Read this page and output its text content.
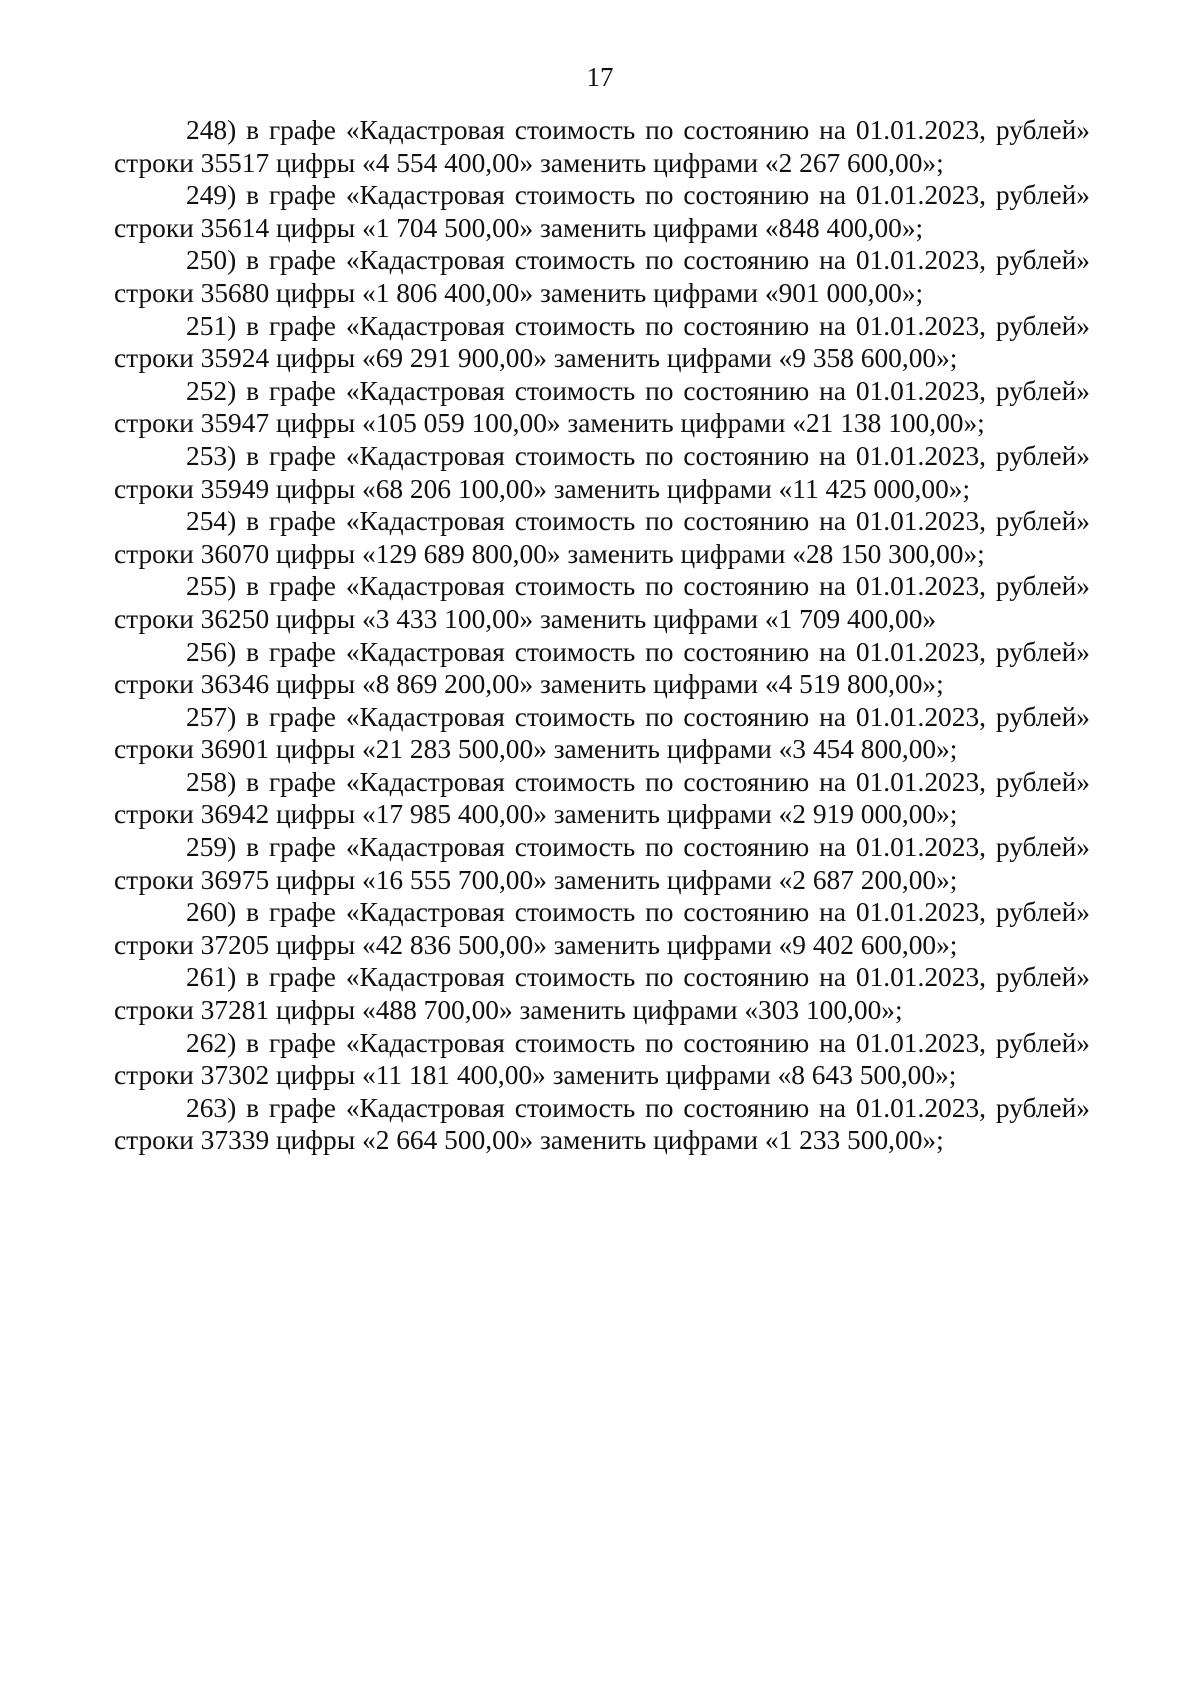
17

248) в графе «Кадастровая стоимость по состоянию на 01.01.2023, рублей» строки 35517 цифры «4 554 400,00» заменить цифрами «2 267 600,00»;

249) в графе «Кадастровая стоимость по состоянию на 01.01.2023, рублей» строки 35614 цифры «1 704 500,00» заменить цифрами «848 400,00»;

250) в графе «Кадастровая стоимость по состоянию на 01.01.2023, рублей» строки 35680 цифры «1 806 400,00» заменить цифрами «901 000,00»;

251) в графе «Кадастровая стоимость по состоянию на 01.01.2023, рублей» строки 35924 цифры «69 291 900,00» заменить цифрами «9 358 600,00»;

252) в графе «Кадастровая стоимость по состоянию на 01.01.2023, рублей» строки 35947 цифры «105 059 100,00» заменить цифрами «21 138 100,00»;

253) в графе «Кадастровая стоимость по состоянию на 01.01.2023, рублей» строки 35949 цифры «68 206 100,00» заменить цифрами «11 425 000,00»;

254) в графе «Кадастровая стоимость по состоянию на 01.01.2023, рублей» строки 36070 цифры «129 689 800,00» заменить цифрами «28 150 300,00»;

255) в графе «Кадастровая стоимость по состоянию на 01.01.2023, рублей» строки 36250 цифры «3 433 100,00» заменить цифрами «1 709 400,00»

256) в графе «Кадастровая стоимость по состоянию на 01.01.2023, рублей» строки 36346 цифры «8 869 200,00» заменить цифрами «4 519 800,00»;

257) в графе «Кадастровая стоимость по состоянию на 01.01.2023, рублей» строки 36901 цифры «21 283 500,00» заменить цифрами «3 454 800,00»;

258) в графе «Кадастровая стоимость по состоянию на 01.01.2023, рублей» строки 36942 цифры «17 985 400,00» заменить цифрами «2 919 000,00»;

259) в графе «Кадастровая стоимость по состоянию на 01.01.2023, рублей» строки 36975 цифры «16 555 700,00» заменить цифрами «2 687 200,00»;

260) в графе «Кадастровая стоимость по состоянию на 01.01.2023, рублей» строки 37205 цифры «42 836 500,00» заменить цифрами «9 402 600,00»;

261) в графе «Кадастровая стоимость по состоянию на 01.01.2023, рублей» строки 37281 цифры «488 700,00» заменить цифрами «303 100,00»;

262) в графе «Кадастровая стоимость по состоянию на 01.01.2023, рублей» строки 37302 цифры «11 181 400,00» заменить цифрами «8 643 500,00»;

263) в графе «Кадастровая стоимость по состоянию на 01.01.2023, рублей» строки 37339 цифры «2 664 500,00» заменить цифрами «1 233 500,00»;
